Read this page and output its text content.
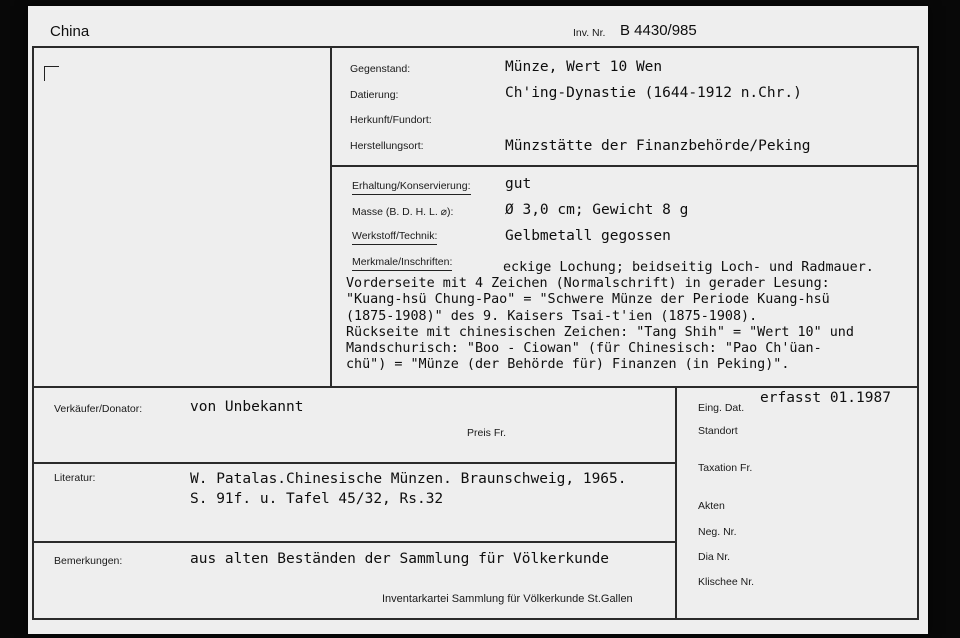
China	Inv. Nr. B 4430/985
Gegenstand:	Münze, Wert 10 Wen
Datierung:	Ch'ing-Dynastie (1644-1912 n.Chr.)
Herkunft/Fundort:
Herstellungsort:	Münzstätte der Finanzbehörde/Peking
Erhaltung/Konservierung: gut
Masse (B. D. H. L. ⌀):	Ø 3,0 cm; Gewicht 8 g
Werkstoff/Technik:	Gelbmetall gegossen
Merkmale/Inschriften:	eckige Lochung; beidseitig Loch- und Radmauer.
Vorderseite mit 4 Zeichen (Normalschrift) in gerader Lesung:
"Kuang-hsü Chung-Pao" = "Schwere Münze der Periode Kuang-hsü
(1875-1908)" des 9. Kaisers Tsai-t'ien (1875-1908).
Rückseite mit chinesischen Zeichen: "Tang Shih" = "Wert 10" und
Mandschurisch: "Boo - Ciowan" (für Chinesisch: "Pao Ch'üan-
chü") = "Münze (der Behörde für) Finanzen (in Peking)".
Verkäufer/Donator:	von Unbekannt
Preis Fr.
Literatur:	W. Patalas.Chinesische Münzen. Braunschweig, 1965.
S. 91f. u. Tafel 45/32, Rs.32
Bemerkungen:	aus alten Beständen der Sammlung für Völkerkunde
Inventarkartei Sammlung für Völkerkunde St.Gallen
Eing. Dat.
erfasst 01.1987
Standort
Taxation Fr.
Akten
Neg. Nr.
Dia Nr.
Klischee Nr.
